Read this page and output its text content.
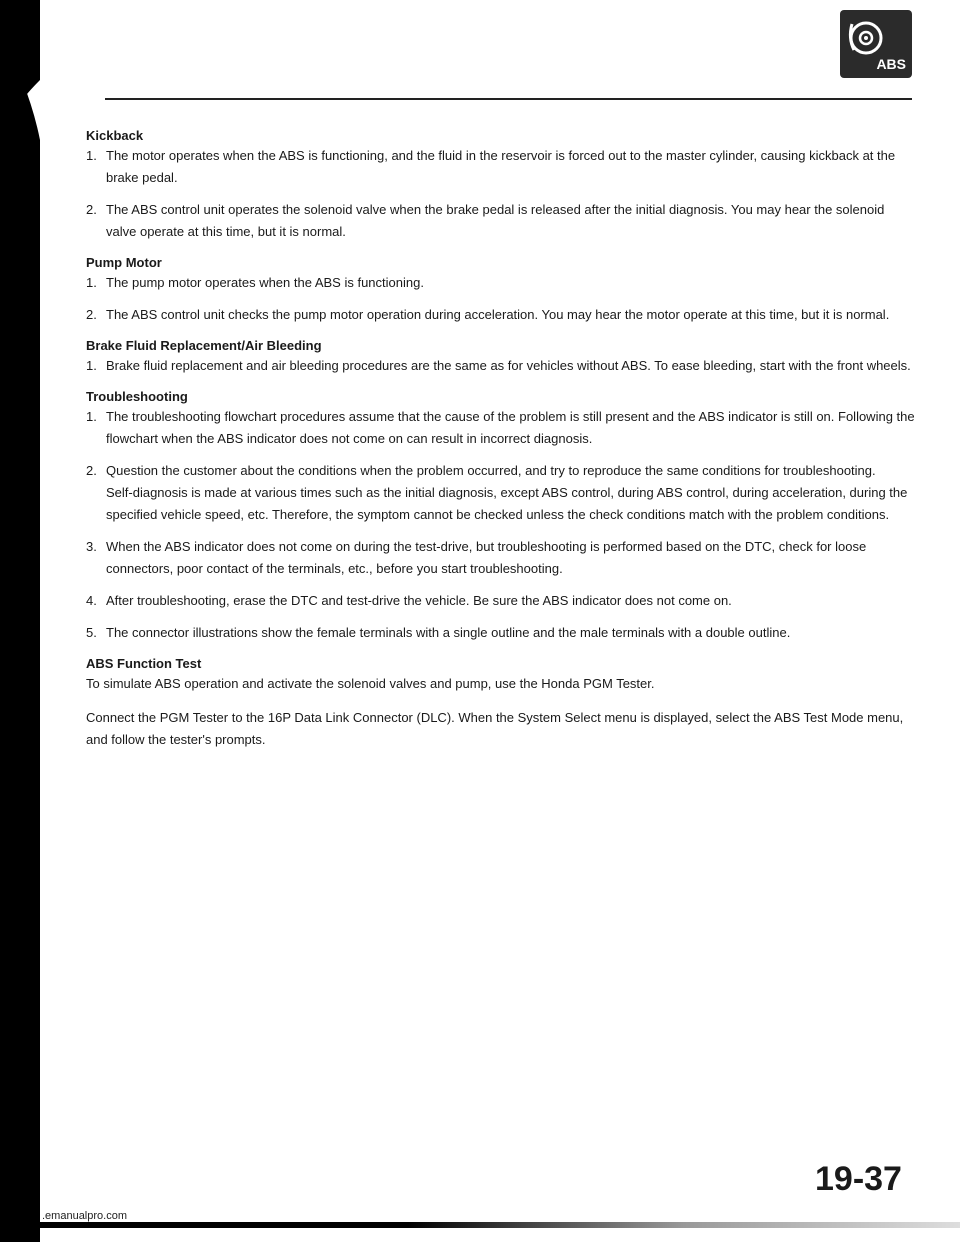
ABS
Kickback
1. The motor operates when the ABS is functioning, and the fluid in the reservoir is forced out to the master cylinder, causing kickback at the brake pedal.
2. The ABS control unit operates the solenoid valve when the brake pedal is released after the initial diagnosis. You may hear the solenoid valve operate at this time, but it is normal.
Pump Motor
1. The pump motor operates when the ABS is functioning.
2. The ABS control unit checks the pump motor operation during acceleration. You may hear the motor operate at this time, but it is normal.
Brake Fluid Replacement/Air Bleeding
1. Brake fluid replacement and air bleeding procedures are the same as for vehicles without ABS. To ease bleeding, start with the front wheels.
Troubleshooting
1. The troubleshooting flowchart procedures assume that the cause of the problem is still present and the ABS indicator is still on. Following the flowchart when the ABS indicator does not come on can result in incorrect diagnosis.
2. Question the customer about the conditions when the problem occurred, and try to reproduce the same conditions for troubleshooting.
Self-diagnosis is made at various times such as the initial diagnosis, except ABS control, during ABS control, during acceleration, during the specified vehicle speed, etc. Therefore, the symptom cannot be checked unless the check conditions match with the problem conditions.
3. When the ABS indicator does not come on during the test-drive, but troubleshooting is performed based on the DTC, check for loose connectors, poor contact of the terminals, etc., before you start troubleshooting.
4. After troubleshooting, erase the DTC and test-drive the vehicle. Be sure the ABS indicator does not come on.
5. The connector illustrations show the female terminals with a single outline and the male terminals with a double outline.
ABS Function Test

To simulate ABS operation and activate the solenoid valves and pump, use the Honda PGM Tester.

Connect the PGM Tester to the 16P Data Link Connector (DLC). When the System Select menu is displayed, select the ABS Test Mode menu, and follow the tester's prompts.

19-37
.emanualpro.com
